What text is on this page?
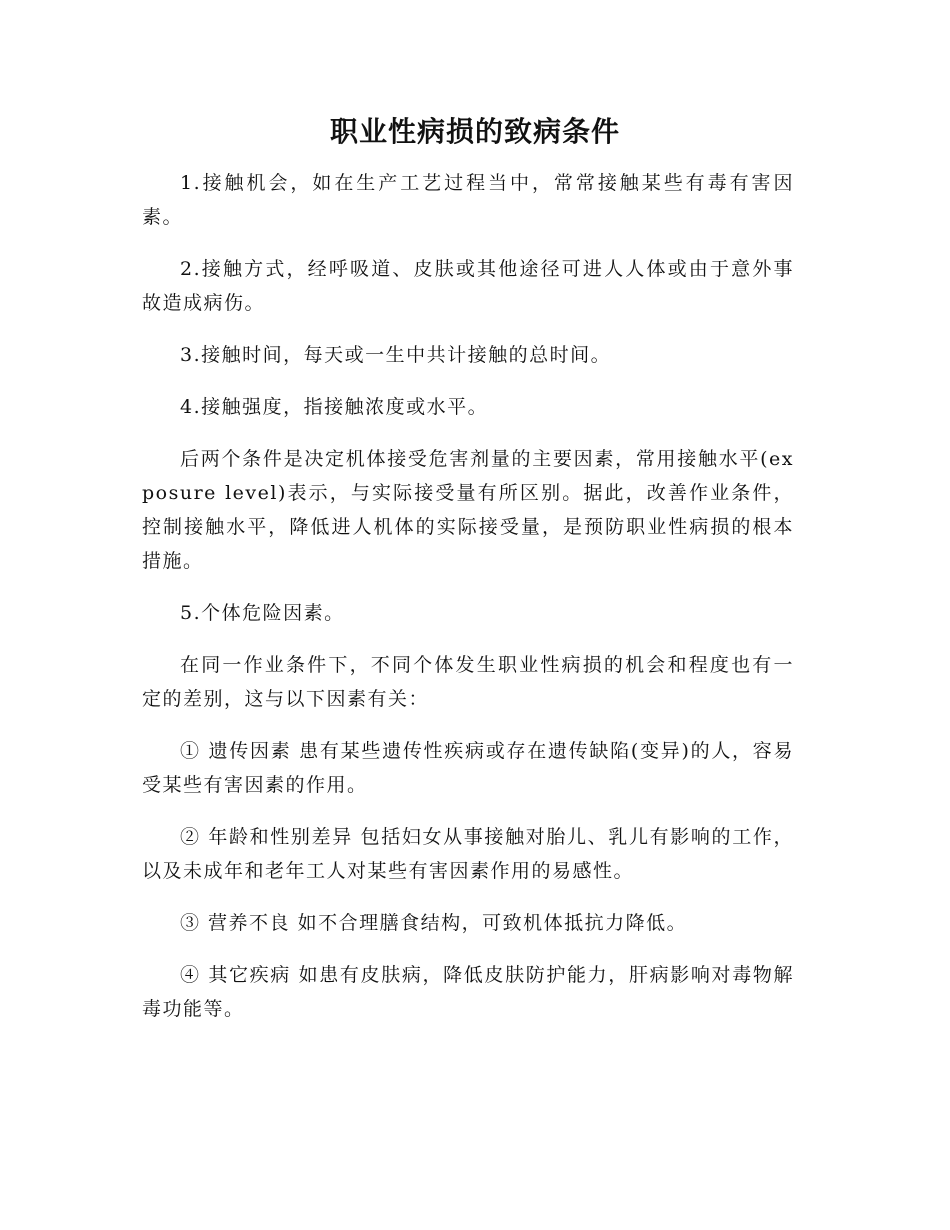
职业性病损的致病条件

1.接触机会，如在生产工艺过程当中，常常接触某些有毒有害因素。

2.接触方式，经呼吸道、皮肤或其他途径可进人人体或由于意外事故造成病伤。

3.接触时间，每天或一生中共计接触的总时间。

4.接触强度，指接触浓度或水平。

后两个条件是决定机体接受危害剂量的主要因素，常用接触水平(exposure level)表示，与实际接受量有所区别。据此，改善作业条件，控制接触水平，降低进人机体的实际接受量，是预防职业性病损的根本措施。

5.个体危险因素。

在同一作业条件下，不同个体发生职业性病损的机会和程度也有一定的差别，这与以下因素有关：

① 遗传因素 患有某些遗传性疾病或存在遗传缺陷(变异)的人，容易受某些有害因素的作用。

② 年龄和性别差异 包括妇女从事接触对胎儿、乳儿有影响的工作，以及未成年和老年工人对某些有害因素作用的易感性。

③ 营养不良 如不合理膳食结构，可致机体抵抗力降低。

④ 其它疾病 如患有皮肤病，降低皮肤防护能力，肝病影响对毒物解毒功能等。
